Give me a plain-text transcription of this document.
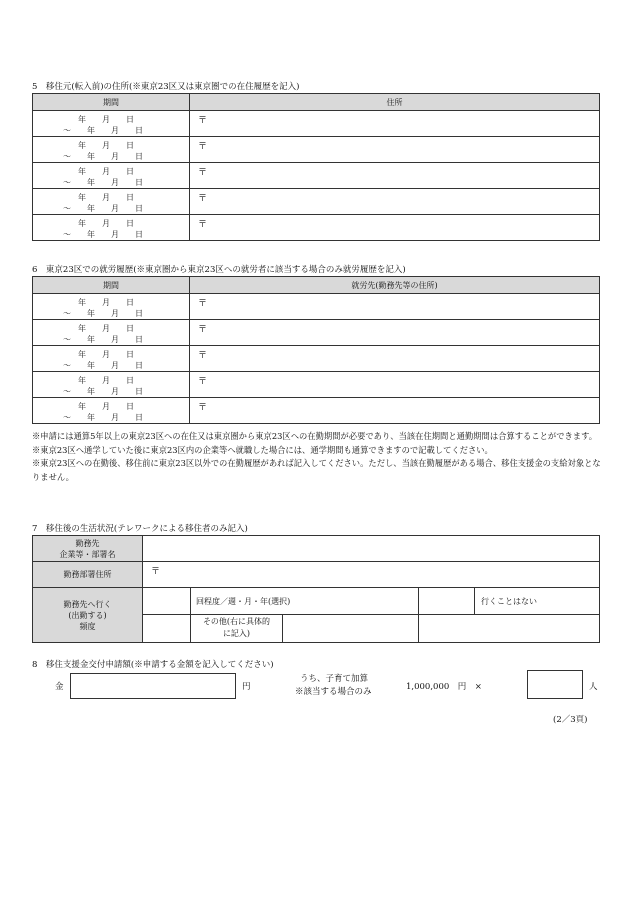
5　移住元(転入前)の住所(※東京23区又は東京圏での在住履歴を記入)
期間	住所

年　　月　　日
～　　年　　月　　日	〒

年　　月　　日
～　　年　　月　　日	〒

年　　月　　日
～　　年　　月　　日	〒

年　　月　　日
～　　年　　月　　日	〒

年　　月　　日
～　　年　　月　　日	〒
6　東京23区での就労履歴(※東京圏から東京23区への就労者に該当する場合のみ就労履歴を記入)
期間	就労先(勤務先等の住所)

年　　月　　日
～　　年　　月　　日	〒

年　　月　　日
～　　年　　月　　日	〒

年　　月　　日
～　　年　　月　　日	〒

年　　月　　日
～　　年　　月　　日	〒

年　　月　　日
～　　年　　月　　日	〒

※申請には通算5年以上の東京23区への在住又は東京圏から東京23区への在勤期間が必要であり、当該在住期間と通勤期間は合算することができます。

※東京23区へ通学していた後に東京23区内の企業等へ就職した場合には、通学期間も通算できますので記載してください。

※東京23区への在勤後、移住前に東京23区以外での在勤履歴があれば記入してください。ただし、当該在勤履歴がある場合、移住支援金の支給対象となりません。

7　移住後の生活状況(テレワークによる移住者のみ記入)
勤務先
企業等・部署名				

勤務部署住所	〒			

勤務先へ行く
(出勤する)
頻度		回程度／週・月・年(選択)		行くことはない

		その他(右に具体的
に記入)		

8　移住支援金交付申請額(※申請する金額を記入してください)
金	円
うち、子育て加算
※該当する場合のみ	1,000,000　円　×	人
(2／3頁)
